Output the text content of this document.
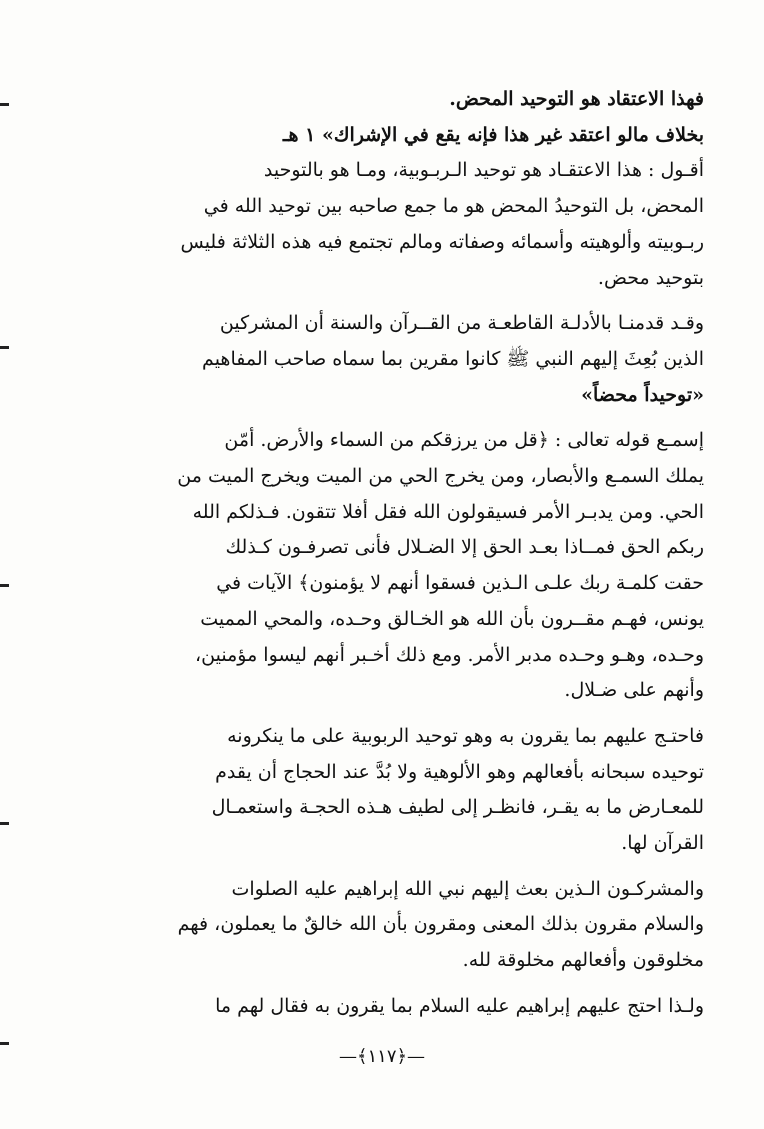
فهذا الاعتقاد هو التوحيد المحض.

بخلاف مالو اعتقد غير هذا فإنه يقع في الإشراك» ١ هـ

أقـول : هذا الاعتقـاد هو توحيد الـربـوبية، ومـا هو بالتوحيد
المحض، بل التوحيدُ المحض هو ما جمع صاحبه بين توحيد الله في
ربـوبيته وألوهيته وأسمائه وصفاته ومالم تجتمع فيه هذه الثلاثة فليس
بتوحيد محض.

وقـد قدمنـا بالأدلـة القاطعـة من القــرآن والسنة أن المشركين
الذين بُعِثَ إليهم النبي ﷺ كانوا مقرين بما سماه صاحب المفاهيم
«توحيداً محضاً»

إسمـع قوله تعالى : ﴿قل من يرزقكم من السماء والأرض. أمّن
يملك السمـع والأبصار، ومن يخرج الحي من الميت ويخرج الميت من
الحي. ومن يدبـر الأمر فسيقولون الله فقل أفلا تتقون. فـذلكم الله
ربكم الحق فمــاذا بعـد الحق إلا الضـلال فأنى تصرفـون كـذلك
حقت كلمـة ربك علـى الـذين فسقوا أنهم لا يؤمنون﴾ الآيات في
يونس، فهـم مقــرون بأن الله هو الخـالق وحـده، والمحي المميت
وحـده، وهـو وحـده مدبر الأمر. ومع ذلك أخـبر أنهم ليسوا مؤمنين،
وأنهم على ضـلال.

فاحتـج عليهم بما يقرون به وهو توحيد الربوبية على ما ينكرونه
توحيده سبحانه بأفعالهم وهو الألوهية ولا بُدَّ عند الحجاج أن يقدم
للمعـارض ما به يقـر، فانظـر إلى لطيف هـذه الحجـة واستعمـال
القرآن لها.

والمشركـون الـذين بعث إليهم نبي الله إبراهيم عليه الصلوات
والسلام مقرون بذلك المعنى ومقرون بأن الله خالقٌ ما يعملون، فهم
مخلوقون وأفعالهم مخلوقة لله.

ولـذا احتج عليهم إبراهيم عليه السلام بما يقرون به فقال لهم ما

—﴿١١٧﴾—
